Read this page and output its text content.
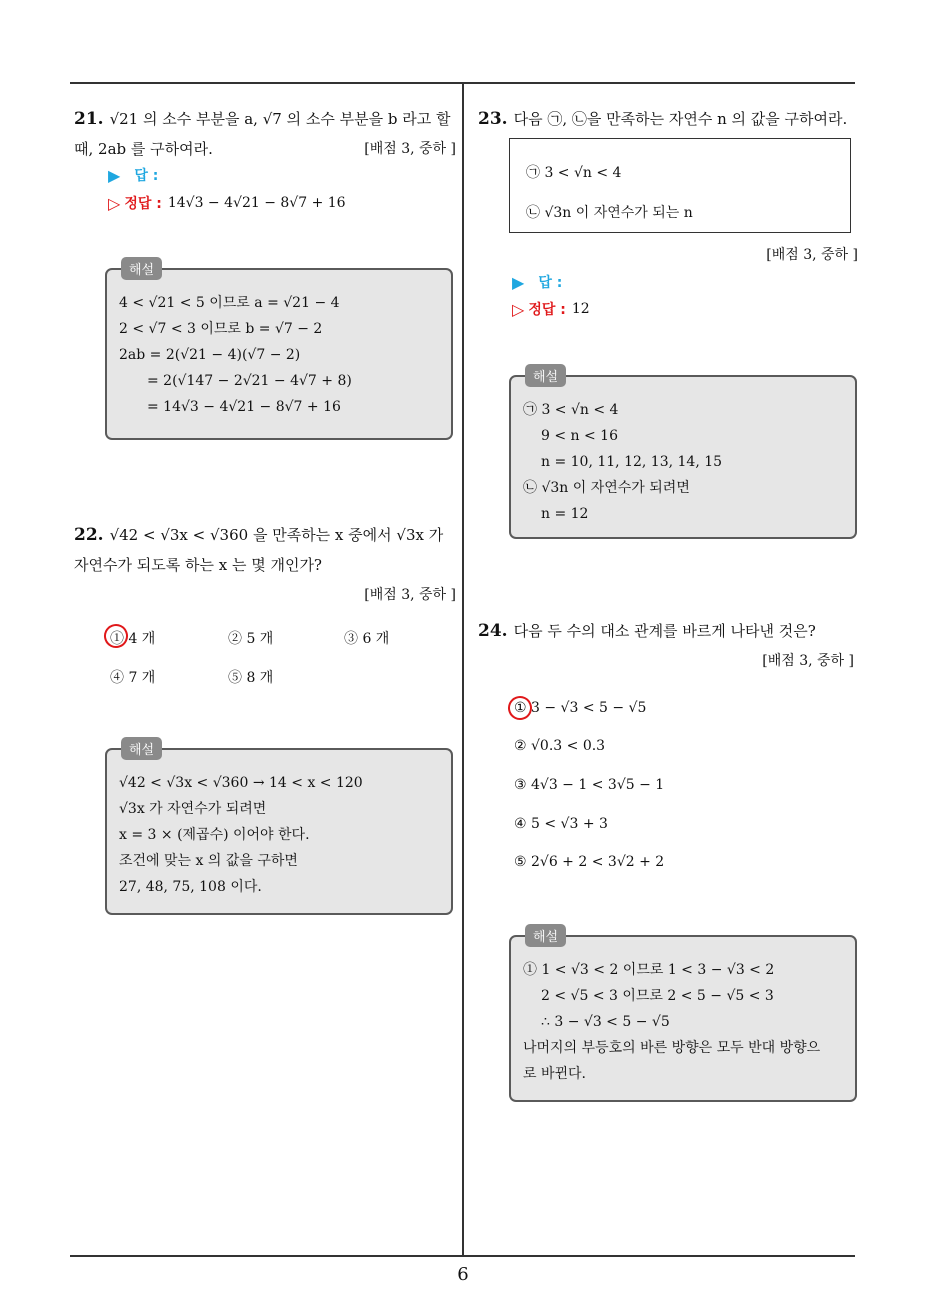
6
21. √21 의 소수 부분을 a, √7 의 소수 부분을 b 라고 할
때, 2ab 를 구하여라.	[배점 3, 중하 ]
▶ 답 :
▷ 정답 : 14√3 − 4√21 − 8√7 + 16
해설
4 < √21 < 5 이므로 a = √21 − 4
2 < √7 < 3 이므로 b = √7 − 2
2ab = 2(√21 − 4)(√7 − 2)
= 2(√147 − 2√21 − 4√7 + 8)
= 14√3 − 4√21 − 8√7 + 16
22. √42 < √3x < √360 을 만족하는 x 중에서 √3x 가
자연수가 되도록 하는 x 는 몇 개인가?
[배점 3, 중하 ]
① 4 개	② 5 개	③ 6 개
④ 7 개	⑤ 8 개
해설
√42 < √3x < √360 → 14 < x < 120
√3x 가 자연수가 되려면
x = 3 × (제곱수) 이어야 한다.
조건에 맞는 x 의 값을 구하면
27, 48, 75, 108 이다.
23. 다음 ㉠, ㉡을 만족하는 자연수 n 의 값을 구하여라.
㉠ 3 < √n < 4
㉡ √3n 이 자연수가 되는 n
[배점 3, 중하 ]
▶ 답 :
▷ 정답 : 12
해설
㉠ 3 < √n < 4
9 < n < 16
n = 10, 11, 12, 13, 14, 15
㉡ √3n 이 자연수가 되려면
n = 12
24. 다음 두 수의 대소 관계를 바르게 나타낸 것은?
[배점 3, 중하 ]
① 3 − √3 < 5 − √5
② √0.3 < 0.3
③ 4√3 − 1 < 3√5 − 1
④ 5 < √3 + 3
⑤ 2√6 + 2 < 3√2 + 2
해설
① 1 < √3 < 2 이므로 1 < 3 − √3 < 2
2 < √5 < 3 이므로 2 < 5 − √5 < 3
∴ 3 − √3 < 5 − √5
나머지의 부등호의 바른 방향은 모두 반대 방향으
로 바뀐다.
